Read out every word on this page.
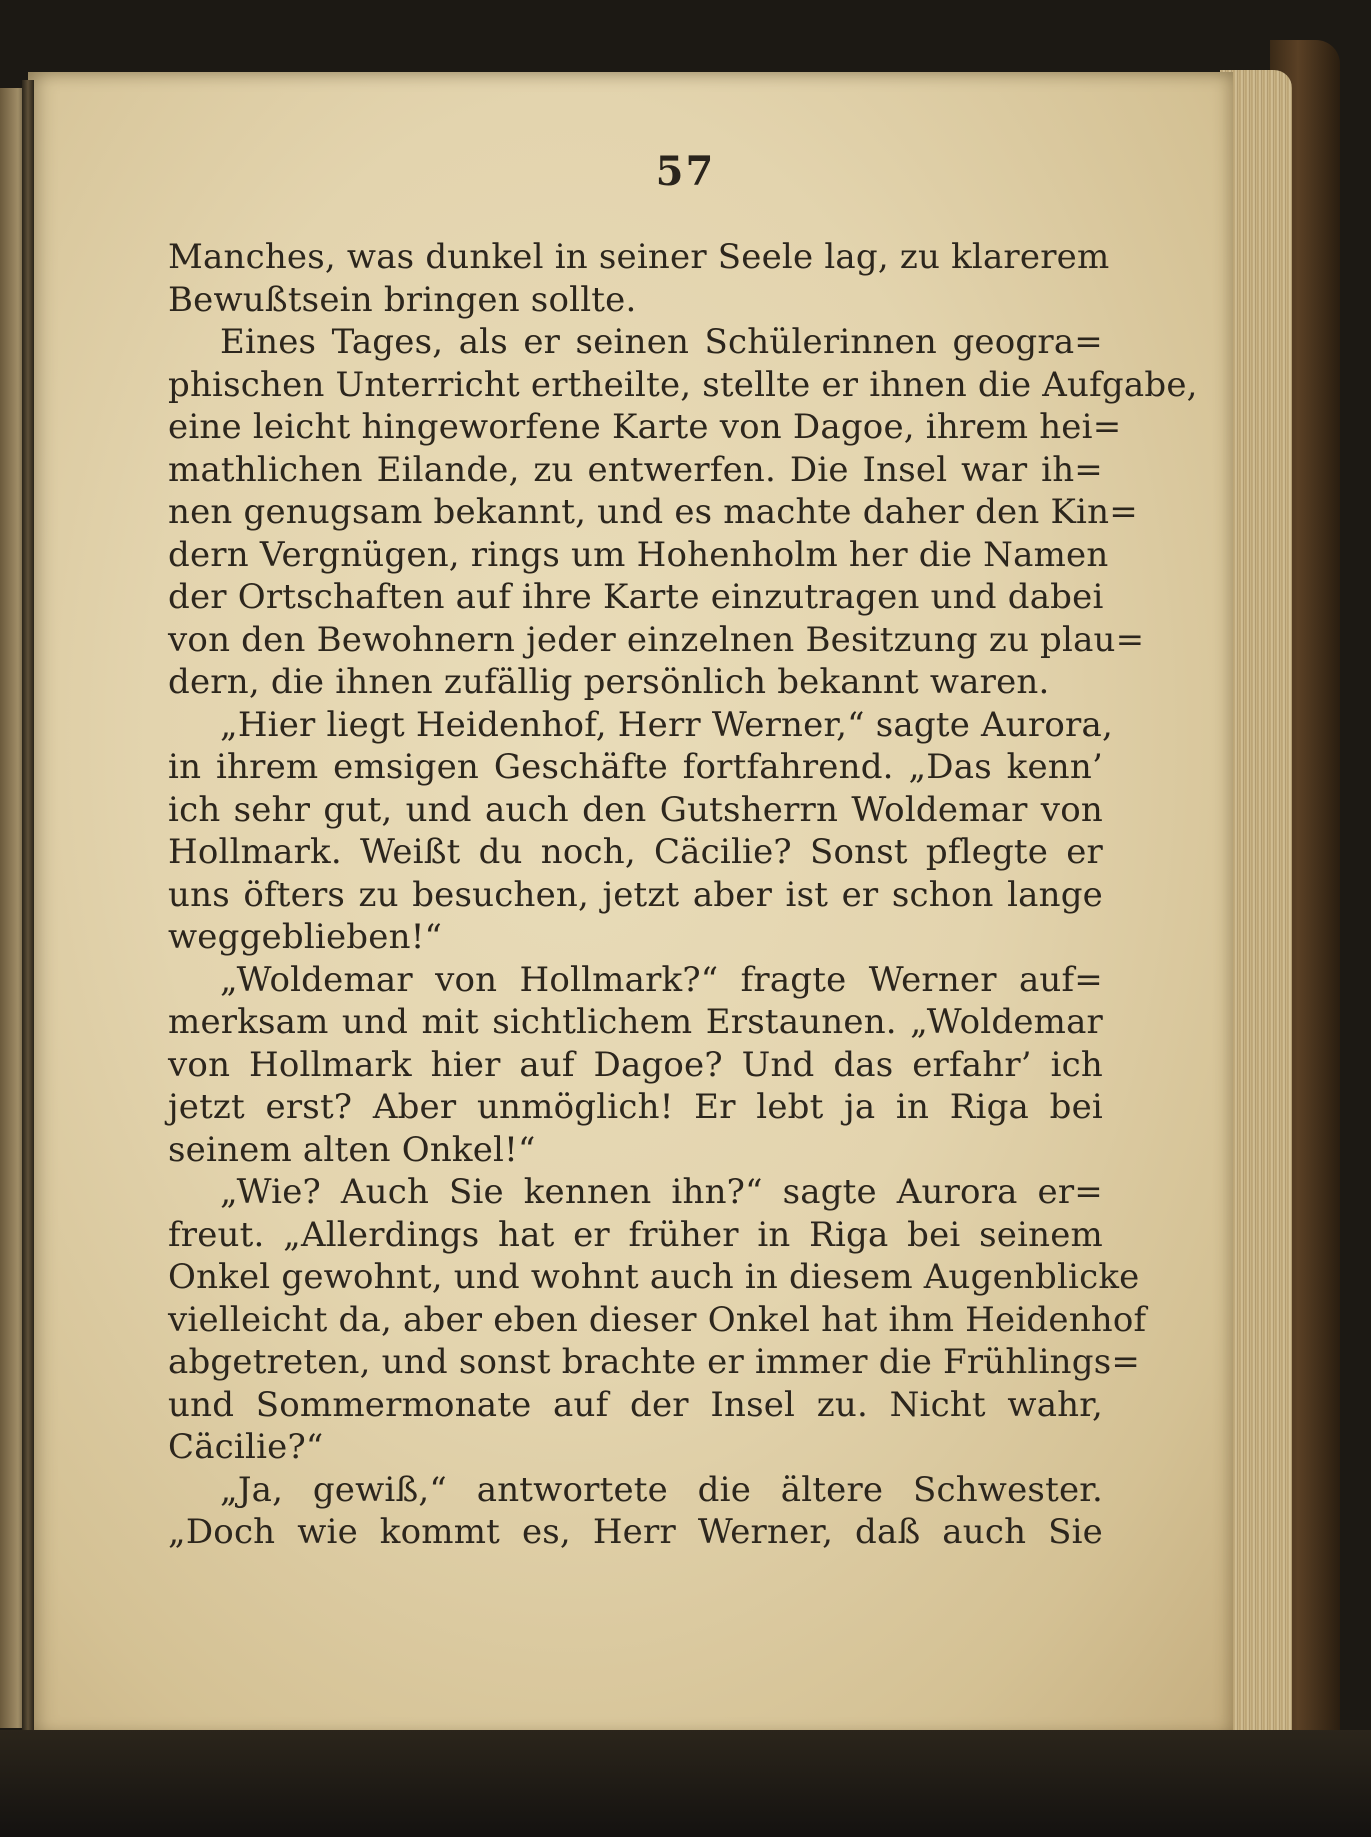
57
Manches, was dunkel in seiner Seele lag, zu klarerem
Bewußtsein bringen sollte.
Eines Tages, als er seinen Schülerinnen geogra=
phischen Unterricht ertheilte, stellte er ihnen die Aufgabe,
eine leicht hingeworfene Karte von Dagoe, ihrem hei=
mathlichen Eilande, zu entwerfen. Die Insel war ih=
nen genugsam bekannt, und es machte daher den Kin=
dern Vergnügen, rings um Hohenholm her die Namen
der Ortschaften auf ihre Karte einzutragen und dabei
von den Bewohnern jeder einzelnen Besitzung zu plau=
dern, die ihnen zufällig persönlich bekannt waren.
„Hier liegt Heidenhof, Herr Werner,“ sagte Aurora,
in ihrem emsigen Geschäfte fortfahrend. „Das kenn’
ich sehr gut, und auch den Gutsherrn Woldemar von
Hollmark. Weißt du noch, Cäcilie? Sonst pflegte er
uns öfters zu besuchen, jetzt aber ist er schon lange
weggeblieben!“
„Woldemar von Hollmark?“ fragte Werner auf=
merksam und mit sichtlichem Erstaunen. „Woldemar
von Hollmark hier auf Dagoe? Und das erfahr’ ich
jetzt erst? Aber unmöglich! Er lebt ja in Riga bei
seinem alten Onkel!“
„Wie? Auch Sie kennen ihn?“ sagte Aurora er=
freut. „Allerdings hat er früher in Riga bei seinem
Onkel gewohnt, und wohnt auch in diesem Augenblicke
vielleicht da, aber eben dieser Onkel hat ihm Heidenhof
abgetreten, und sonst brachte er immer die Frühlings=
und Sommermonate auf der Insel zu. Nicht wahr,
Cäcilie?“
„Ja, gewiß,“ antwortete die ältere Schwester.
„Doch wie kommt es, Herr Werner, daß auch Sie
